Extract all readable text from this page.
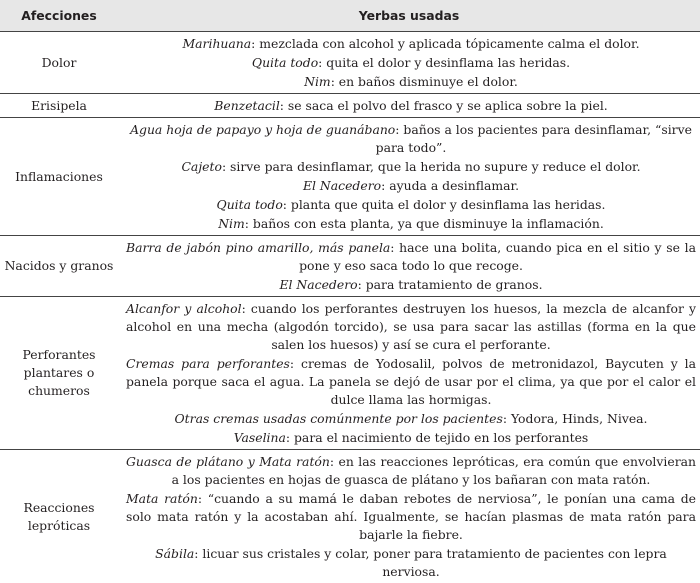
Afecciones	Yerbas usadas
Dolor	Marihuana: mezclada con alcohol y aplicada tópicamente calma el dolor.

Quita todo: quita el dolor y desinflama las heridas.

Nim: en baños disminuye el dolor.

Erisipela	Benzetacil: se saca el polvo del frasco y se aplica sobre la piel.

Inflamaciones	Agua hoja de papayo y hoja de guanábano: baños a los pacientes para desinflamar, “sirve para todo”.

Cajeto: sirve para desinflamar, que la herida no supure y reduce el dolor.

El Nacedero: ayuda a desinflamar.

Quita todo: planta que quita el dolor y desinflama las heridas.

Nim: baños con esta planta, ya que disminuye la inflamación.

Nacidos y granos	Barra de jabón pino amarillo, más panela: hace una bolita, cuando pica en el sitio y se la pone y eso saca todo lo que recoge.

El Nacedero: para tratamiento de granos.

Perforantes plantares o chumeros	Alcanfor y alcohol: cuando los perforantes destruyen los huesos, la mezcla de alcanfor y alcohol en una mecha (algodón torcido), se usa para sacar las astillas (forma en la que salen los huesos) y así se cura el perforante.

Cremas para perforantes: cremas de Yodosalil, polvos de metronidazol, Baycuten y la panela porque saca el agua. La panela se dejó de usar por el clima, ya que por el calor el dulce llama las hormigas.

Otras cremas usadas comúnmente por los pacientes: Yodora, Hinds, Nivea.

Vaselina: para el nacimiento de tejido en los perforantes

Reacciones lepróticas	Guasca de plátano y Mata ratón: en las reacciones lepróticas, era común que envolvieran a los pacientes en hojas de guasca de plátano y los bañaran con mata ratón.

Mata ratón: “cuando a su mamá le daban rebotes de nerviosa”, le ponían una cama de solo mata ratón y la acostaban ahí. Igualmente, se hacían plasmas de mata ratón para bajarle la fiebre.

Sábila: licuar sus cristales y colar, poner para tratamiento de pacientes con lepra nerviosa.
